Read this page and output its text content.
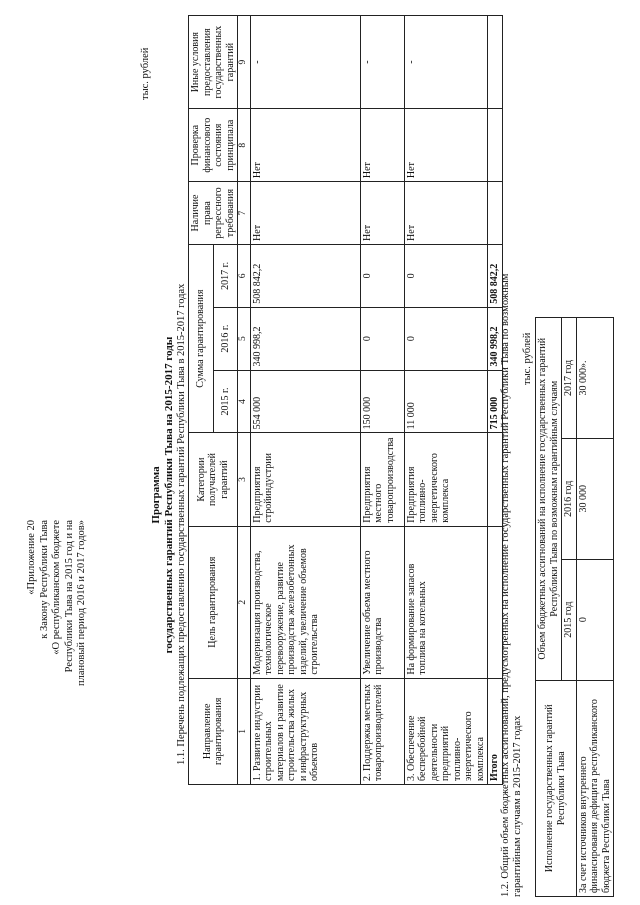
«Приложение 20 к Закону Республики Тыва «О республиканском бюджете Республики Тыва на 2015 год и на плановый период 2016 и 2017 годов»
Программа государственных гарантий Республики Тыва на 2015-2017 годы 1.1. Перечень подлежащих предоставлению государственных гарантий Республики Тыва в 2015-2017 годах
тыс. рублей
Направление гарантирования	Цель гарантирования	Категории получателей гарантий	Сумма гарантирования			Наличие права регрессного требования	Проверка финансового состояния принципала	Иные условия предоставления государственных гарантий
			2015 г.	2016 г.	2017 г.			
1	2	3	4	5	6	7	8	9
1. Развитие индустрии строительных материалов и развитие строительства жилых и инфраструктурных объектов	Модернизация производства, технологическое перевооружение, развитие производства железобетонных изделий, увеличение объемов строительства	Предприятия стройиндустрии	554 000	340 998,2	508 842,2	Нет	Нет	-
2. Поддержка местных товаропроизводителей	Увеличение объема местного производства	Предприятия местного товаропроизводства	150 000	0	0	Нет	Нет	-
3. Обеспечение бесперебойной деятельности предприятий топливно-энергетического комплекса	На формирование запасов топлива на котельных	Предприятия топливно-энергетического комплекса	11 000	0	0	Нет	Нет	-
Итого			715 000	340 998,2	508 842,2			1.2. Общий объем бюджетных ассигнований, предусмотренных на исполнение государственных гарантий Республики Тыва по возможным гарантийным случаям в 2015-2017 годах
тыс. рублей
Исполнение государственных гарантий Республики Тыва	Объем бюджетных ассигнований на исполнение государственных гарантий Республики Тыва по возможным гарантийным случаям		
	2015 год	2016 год	2017 год
За счет источников внутреннего финансирования дефицита республиканского бюджета Республики Тыва	0	30 000	30 000».
